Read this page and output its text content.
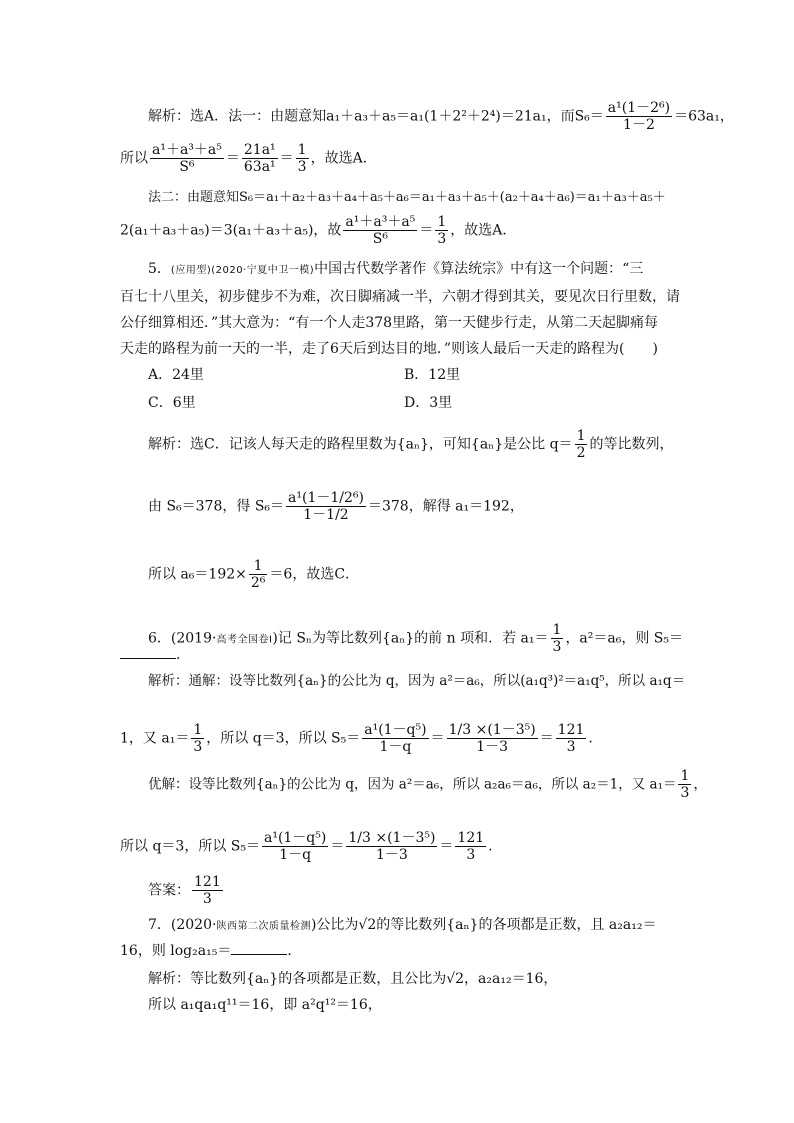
解析：选A．法一：由题意知a₁＋a₃＋a₅＝a₁(1＋2²＋2⁴)＝21a₁，而$S_6= \frac{\text{a¹(1－2⁶)}}{1-2} =63a_1$，
所以 $\frac{\text{a¹＋a³＋a⁵}}{\text{S⁶}} = \frac{\text{21a¹}}{\text{63a¹}} = \frac{1}{3}$ ，故选A．
法二：由题意知S₆＝a₁＋a₂＋a₃＋a₄＋a₅＋a₆＝a₁＋a₃＋a₅＋(a₂＋a₄＋a₆)＝a₁＋a₃＋a₅＋
2(a₁＋a₃＋a₅)＝3(a₁＋a₃＋a₅)，故 $\frac{\text{a¹＋a³＋a⁵}}{\text{S⁶}} = \frac{1}{3}$ ，故选A．
5．(应用型)(2020·宁夏中卫一模)中国古代数学著作《算法统宗》中有这一个问题：“三
百七十八里关，初步健步不为难，次日脚痛减一半，六朝才得到其关，要见次日行里数，请
公仔细算相还．”其大意为：“有一个人走378里路，第一天健步行走，从第二天起脚痛每
天走的路程为前一天的一半，走了6天后到达目的地．”则该人最后一天走的路程为(　　)
A．24里	B．12里
C．6里	D．3里
解析：选C．记该人每天走的路程里数为{aₙ}，可知{aₙ}是公比 $q= \frac{1}{2}$ 的等比数列，
由 S₆＝378，得 $S_6= \frac{\text{a¹(1－1/2⁶)}}{1-1/2} =378$，解得 a₁＝192，
所以 $a_6=192\times \frac{1}{\text{2⁶}} =6$，故选C．
6．(2019·高考全国卷Ⅰ)记 Sₙ为等比数列{aₙ}的前 n 项和．若 $a_1= \frac{1}{3}$ ，a²＝a₆，则 S₅＝
．
解析：通解：设等比数列{aₙ}的公比为 q，因为 a²＝a₆，所以(a₁q³)²＝a₁q⁵，所以 a₁q＝
1，又 $a_1= \frac{1}{3}$ ，所以 q＝3，所以 $S_5= \frac{\text{a¹(1－q⁵)}}{1-q} = \frac{\text{1/3 ×(1－3⁵)}}{1-3} = \frac{121}{3}$ .
优解：设等比数列{aₙ}的公比为 q，因为 a²＝a₆，所以 a₂a₆＝a₆，所以 a₂＝1，又 $a_1= \frac{1}{3}$ ，
所以 q＝3，所以 $S_5= \frac{\text{a¹(1－q⁵)}}{1-q} = \frac{\text{1/3 ×(1－3⁵)}}{1-3} = \frac{121}{3}$ .
答案： $\frac{121}{3}$
7．(2020·陕西第二次质量检测)公比为√2的等比数列{aₙ}的各项都是正数，且 a₂a₁₂＝
16，则 log₂a₁₅＝	．
解析：等比数列{aₙ}的各项都是正数，且公比为√2，a₂a₁₂＝16，
所以 a₁qa₁q¹¹＝16，即 a²q¹²＝16，
